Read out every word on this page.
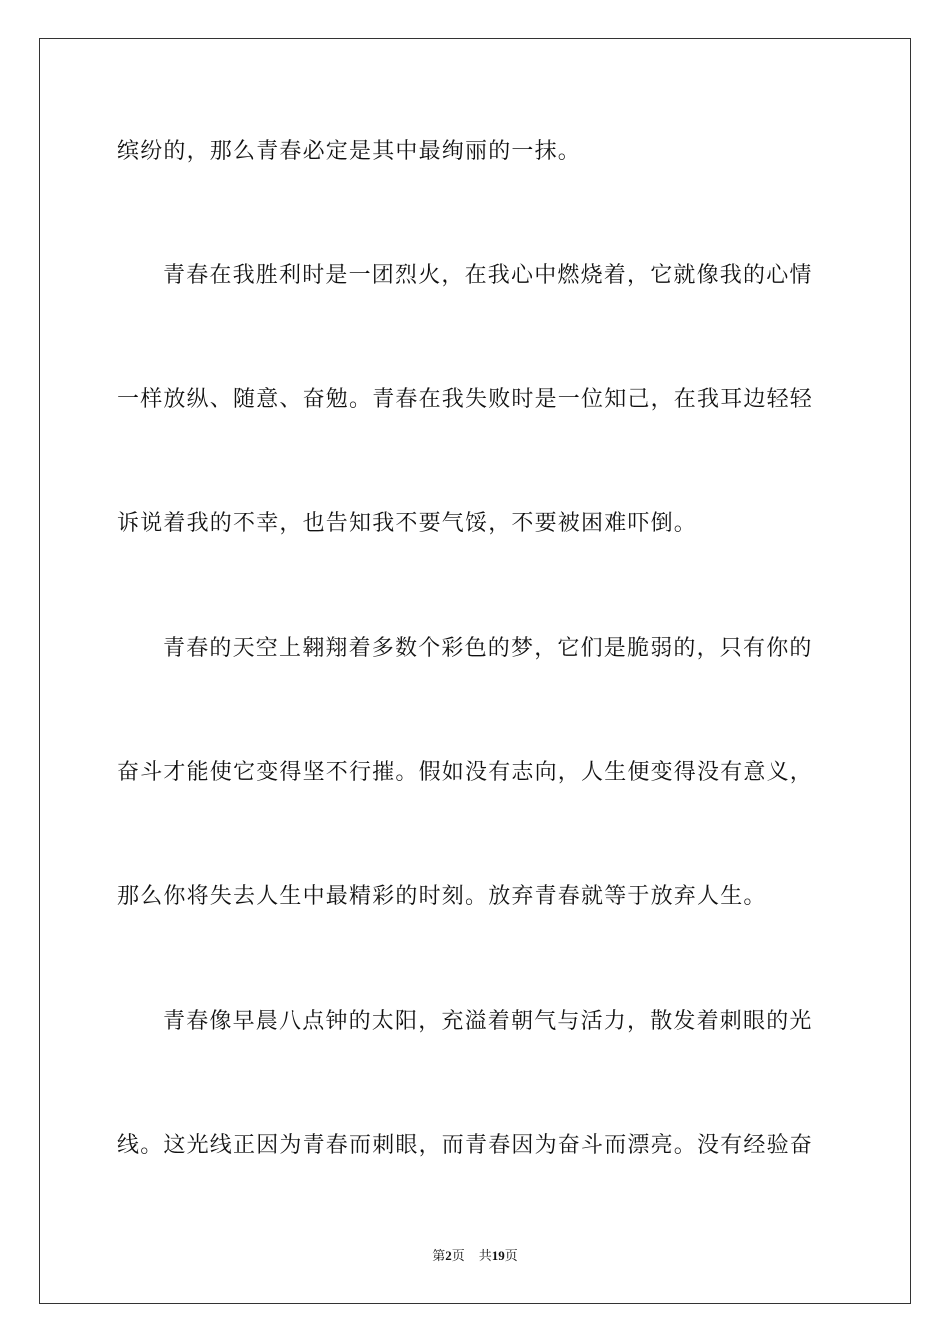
缤纷的，那么青春必定是其中最绚丽的一抹。
青春在我胜利时是一团烈火，在我心中燃烧着，它就像我的心情
一样放纵、随意、奋勉。青春在我失败时是一位知己，在我耳边轻轻
诉说着我的不幸，也告知我不要气馁，不要被困难吓倒。
青春的天空上翱翔着多数个彩色的梦，它们是脆弱的，只有你的
奋斗才能使它变得坚不行摧。假如没有志向，人生便变得没有意义，
那么你将失去人生中最精彩的时刻。放弃青春就等于放弃人生。
青春像早晨八点钟的太阳，充溢着朝气与活力，散发着刺眼的光
线。这光线正因为青春而刺眼，而青春因为奋斗而漂亮。没有经验奋
第2页 共19页
